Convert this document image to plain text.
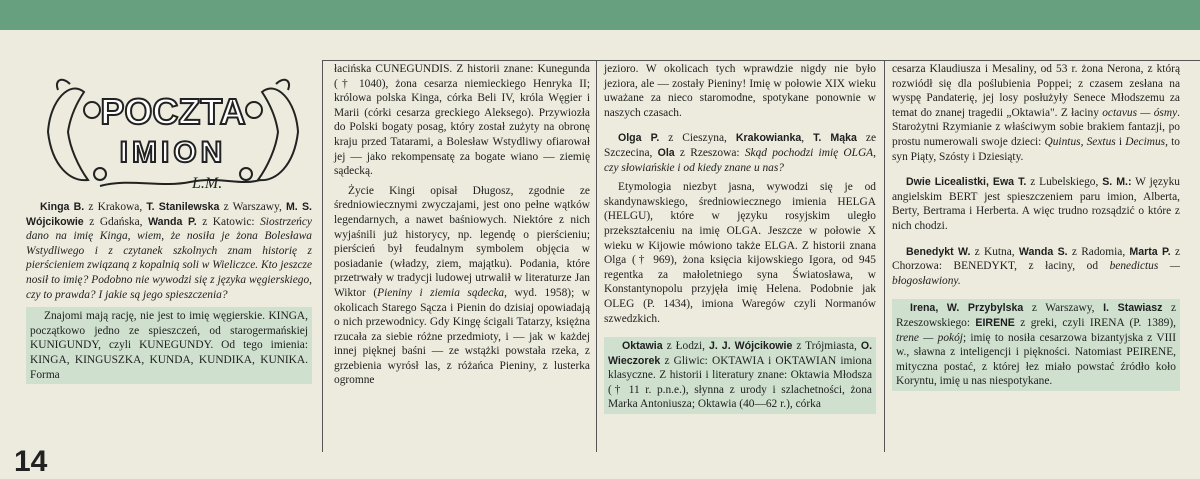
POCZTA
IMION
L.M.

Kinga B. z Krakowa, T. Stanilewska z Warszawy, M. S. Wójcikowie z Gdańska, Wanda P. z Katowic: Siostrzeńcy dano na imię Kinga, wiem, że nosiła je żona Bolesława Wstydliwego i z czytanek szkolnych znam historię z pierścieniem związaną z kopalnią soli w Wieliczce. Kto jeszcze nosił to imię? Podobno nie wywodzi się z języka węgierskiego, czy to prawda? I jakie są jego spieszczenia?

Znajomi mają rację, nie jest to imię węgierskie. KINGA, początkowo jedno ze spieszczeń, od starogermańskiej KUNIGUNDY, czyli KUNEGUNDY. Od tego imienia: KINGA, KINGUSZKA, KUNDA, KUNDIKA, KUNIKA. Forma

łacińska CUNEGUNDIS. Z historii znane: Kunegunda († 1040), żona cesarza niemieckiego Henryka II; królowa polska Kinga, córka Beli IV, króla Węgier i Marii (córki cesarza greckiego Aleksego). Przywiozła do Polski bogaty posag, który został zużyty na obronę kraju przed Tatarami, a Bolesław Wstydliwy ofiarował jej — jako rekompensatę za bogate wiano — ziemię sądecką.

Życie Kingi opisał Długosz, zgodnie ze średniowiecznymi zwyczajami, jest ono pełne wątków legendarnych, a nawet baśniowych. Niektóre z nich wyjaśnili już historycy, np. legendę o pierścieniu; pierścień był feudalnym symbolem objęcia w posiadanie (władzy, ziem, majątku). Podania, które przetrwały w tradycji ludowej utrwalił w literaturze Jan Wiktor (Pieniny i ziemia sądecka, wyd. 1958); w okolicach Starego Sącza i Pienin do dzisiaj opowiadają o nich przewodnicy. Gdy Kingę ścigali Tatarzy, księżna rzucała za siebie różne przedmioty, i — jak w każdej innej pięknej baśni — ze wstążki powstała rzeka, z grzebienia wyrósł las, z różańca Pieniny, z lusterka ogromne

jezioro. W okolicach tych wprawdzie nigdy nie było jeziora, ale — zostały Pieniny! Imię w połowie XIX wieku uważane za nieco staromodne, spotykane ponownie w naszych czasach.

Olga P. z Cieszyna, Krakowianka, T. Mąka ze Szczecina, Ola z Rzeszowa: Skąd pochodzi imię OLGA, czy słowiańskie i od kiedy znane u nas?

Etymologia niezbyt jasna, wywodzi się je od skandynawskiego, średniowiecznego imienia HELGA (HELGU), które w języku rosyjskim uległo przekształceniu na imię OLGA. Jeszcze w połowie X wieku w Kijowie mówiono także ELGA. Z historii znana Olga († 969), żona księcia kijowskiego Igora, od 945 regentka za małoletniego syna Światosława, w Konstantynopolu przyjęła imię Helena. Podobnie jak OLEG (P. 1434), imiona Waregów czyli Normanów szwedzkich.

Oktawia z Łodzi, J. J. Wójcikowie z Trójmiasta, O. Wieczorek z Gliwic: OKTAWIA i OKTAWIAN imiona klasyczne. Z historii i literatury znane: Oktawia Młodsza († 11 r. p.n.e.), słynna z urody i szlachetności, żona Marka Antoniusza; Oktawia (40—62 r.), córka

cesarza Klaudiusza i Mesaliny, od 53 r. żona Nerona, z którą rozwiódł się dla poślubienia Poppei; z czasem zesłana na wyspę Pandaterię, jej losy posłużyły Senece Młodszemu za temat do znanej tragedii „Oktawia". Z łaciny octavus — ósmy. Starożytni Rzymianie z właściwym sobie brakiem fantazji, po prostu numerowali swoje dzieci: Quintus, Sextus i Decimus, to syn Piąty, Szósty i Dziesiąty.

Dwie Licealistki, Ewa T. z Lubelskiego, S. M.: W języku angielskim BERT jest spieszczeniem paru imion, Alberta, Berty, Bertrama i Herberta. A więc trudno rozsądzić o które z nich chodzi.

Benedykt W. z Kutna, Wanda S. z Radomia, Marta P. z Chorzowa: BENEDYKT, z łaciny, od benedictus — błogosławiony.

Irena, W. Przybylska z Warszawy, I. Stawiasz z Rzeszowskiego: EIRENE z greki, czyli IRENA (P. 1389), trene — pokój; imię to nosiła cesarzowa bizantyjska z VIII w., sławna z inteligencji i piękności. Natomiast PEIRENE, mityczna postać, z której łez miało powstać źródło koło Koryntu, imię u nas niespotykane.

14
